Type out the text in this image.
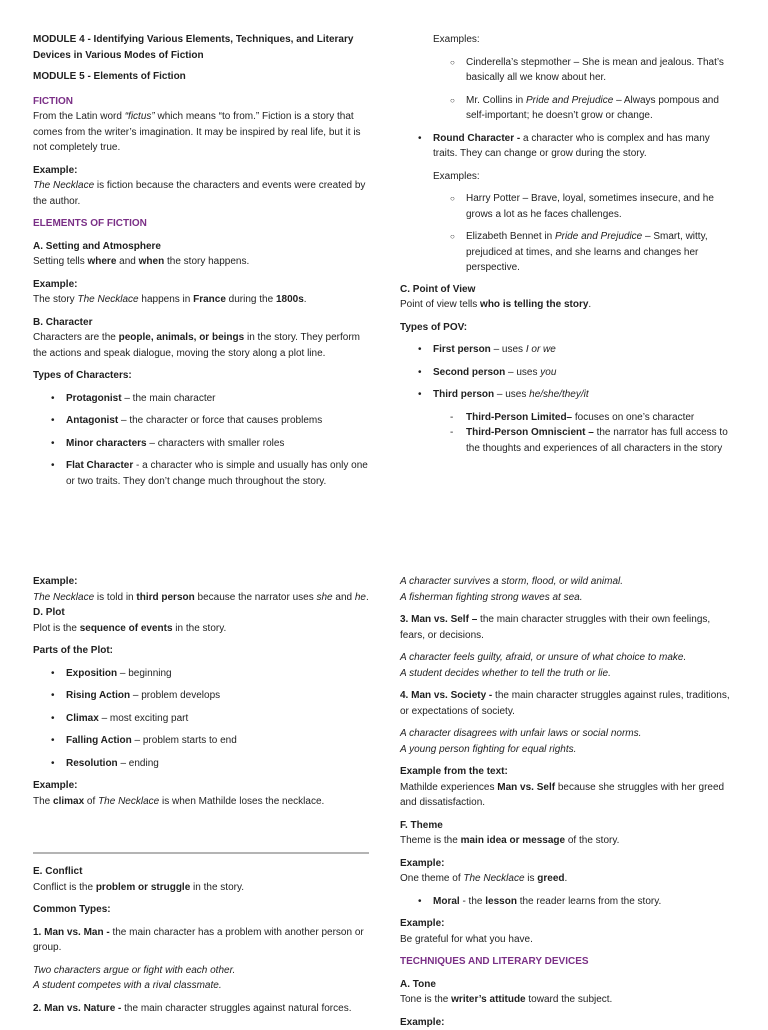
MODULE 4 - Identifying Various Elements, Techniques, and Literary Devices in Various Modes of Fiction

MODULE 5 - Elements of Fiction

FICTION

From the Latin word “fictus” which means “to from.” Fiction is a story that comes from the writer’s imagination. It may be inspired by real life, but it is not completely true.

Example:

The Necklace is fiction because the characters and events were created by the author.

ELEMENTS OF FICTION

A. Setting and Atmosphere

Setting tells where and when the story happens.

Example:

The story The Necklace happens in France during the 1800s.

B. Character

Characters are the people, animals, or beings in the story. They perform the actions and speak dialogue, moving the story along a plot line.

Types of Characters:

• Protagonist – the main character

• Antagonist – the character or force that causes problems

• Minor characters – characters with smaller roles

• Flat Character - a character who is simple and usually has only one or two traits. They don’t change much throughout the story.

Examples:

○ Cinderella’s stepmother – She is mean and jealous. That’s basically all we know about her.

○ Mr. Collins in Pride and Prejudice – Always pompous and self-important; he doesn’t grow or change.

• Round Character - a character who is complex and has many traits. They can change or grow during the story.

Examples:

○ Harry Potter – Brave, loyal, sometimes insecure, and he grows a lot as he faces challenges.

○ Elizabeth Bennet in Pride and Prejudice – Smart, witty, prejudiced at times, and she learns and changes her perspective.

C. Point of View

Point of view tells who is telling the story.

Types of POV:

• First person – uses I or we

• Second person – uses you

• Third person – uses he/she/they/it

- Third-Person Limited– focuses on one’s character

- Third-Person Omniscient – the narrator has full access to the thoughts and experiences of all characters in the story

Example:

The Necklace is told in third person because the narrator uses she and he.

D. Plot

Plot is the sequence of events in the story.

Parts of the Plot:

• Exposition – beginning

• Rising Action – problem develops

• Climax – most exciting part

• Falling Action – problem starts to end

• Resolution – ending

Example:

The climax of The Necklace is when Mathilde loses the necklace.

E. Conflict

Conflict is the problem or struggle in the story.

Common Types:

1. Man vs. Man - the main character has a problem with another person or group.

Two characters argue or fight with each other.

A student competes with a rival classmate.

2. Man vs. Nature - the main character struggles against natural forces.

A character survives a storm, flood, or wild animal.

A fisherman fighting strong waves at sea.

3. Man vs. Self – the main character struggles with their own feelings, fears, or decisions.

A character feels guilty, afraid, or unsure of what choice to make.

A student decides whether to tell the truth or lie.

4. Man vs. Society - the main character struggles against rules, traditions, or expectations of society.

A character disagrees with unfair laws or social norms.

A young person fighting for equal rights.

Example from the text:

Mathilde experiences Man vs. Self because she struggles with her greed and dissatisfaction.

F. Theme

Theme is the main idea or message of the story.

Example:

One theme of The Necklace is greed.

• Moral - the lesson the reader learns from the story.

Example:

Be grateful for what you have.

TECHNIQUES AND LITERARY DEVICES

A. Tone

Tone is the writer’s attitude toward the subject.

Example:
